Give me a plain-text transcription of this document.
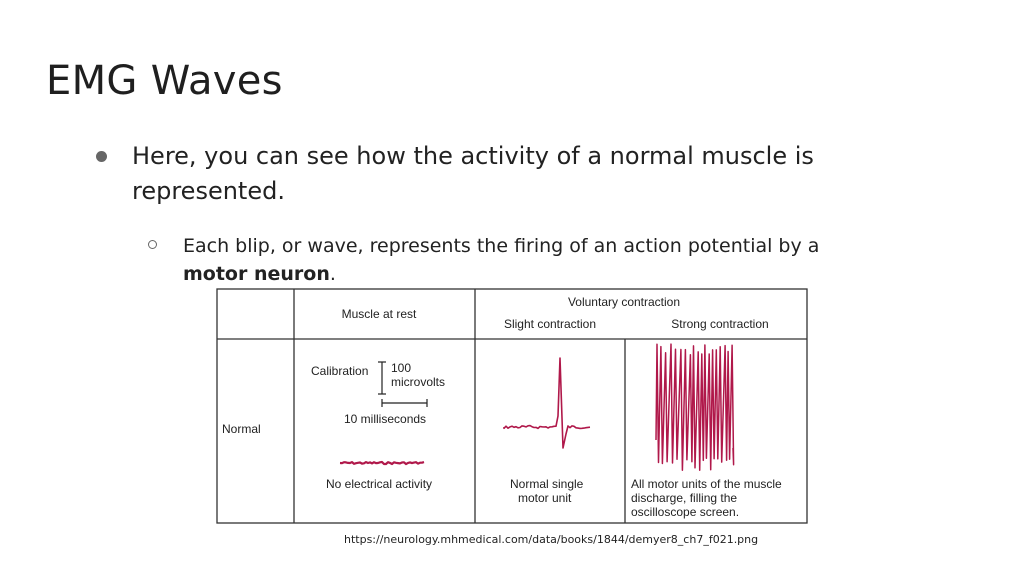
EMG Waves
Here, you can see how the activity of a normal muscle is represented.
Each blip, or wave, represents the firing of an action potential by a motor neuron.
Muscle at rest
Voluntary contraction
Slight contraction	Strong contraction
Normal
Calibration 100
microvolts
10 milliseconds
No electrical activity	Normal single
motor unit
All motor units of the muscle
discharge, filling the
oscilloscope screen.
https://neurology.mhmedical.com/data/books/1844/demyer8_ch7_f021.png
